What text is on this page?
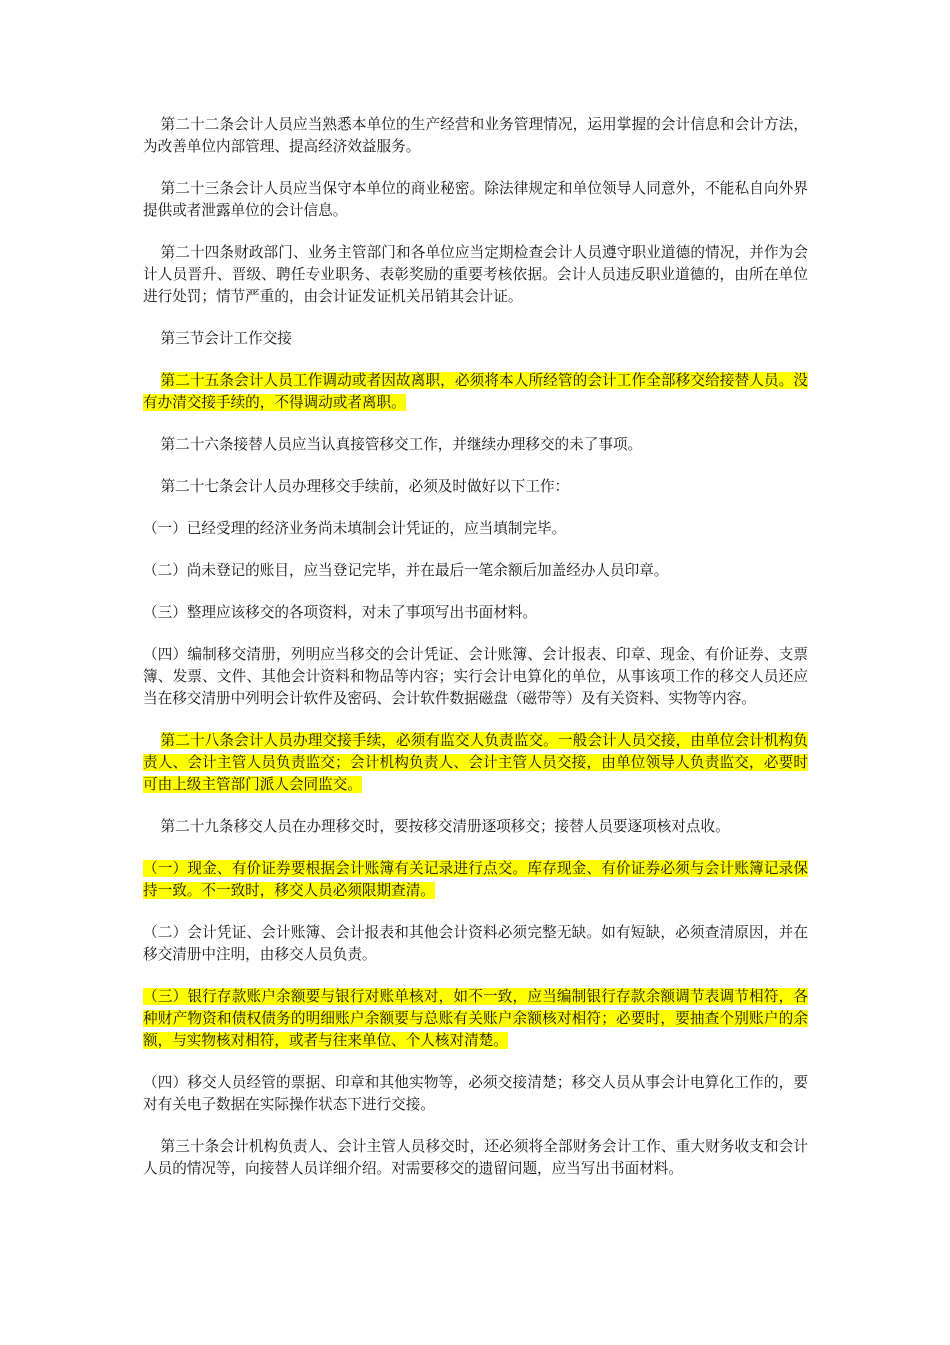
第二十二条会计人员应当熟悉本单位的生产经营和业务管理情况，运用掌握的会计信息和会计方法，为改善单位内部管理、提高经济效益服务。

第二十三条会计人员应当保守本单位的商业秘密。除法律规定和单位领导人同意外，不能私自向外界提供或者泄露单位的会计信息。

第二十四条财政部门、业务主管部门和各单位应当定期检查会计人员遵守职业道德的情况，并作为会计人员晋升、晋级、聘任专业职务、表彰奖励的重要考核依据。会计人员违反职业道德的，由所在单位进行处罚；情节严重的，由会计证发证机关吊销其会计证。

第三节会计工作交接

第二十五条会计人员工作调动或者因故离职，必须将本人所经管的会计工作全部移交给接替人员。没有办清交接手续的，不得调动或者离职。

第二十六条接替人员应当认真接管移交工作，并继续办理移交的未了事项。

第二十七条会计人员办理移交手续前，必须及时做好以下工作：

（一）已经受理的经济业务尚未填制会计凭证的，应当填制完毕。

（二）尚未登记的账目，应当登记完毕，并在最后一笔余额后加盖经办人员印章。

（三）整理应该移交的各项资料，对未了事项写出书面材料。

（四）编制移交清册，列明应当移交的会计凭证、会计账簿、会计报表、印章、现金、有价证券、支票簿、发票、文件、其他会计资料和物品等内容；实行会计电算化的单位，从事该项工作的移交人员还应当在移交清册中列明会计软件及密码、会计软件数据磁盘（磁带等）及有关资料、实物等内容。

第二十八条会计人员办理交接手续，必须有监交人负责监交。一般会计人员交接，由单位会计机构负责人、会计主管人员负责监交；会计机构负责人、会计主管人员交接，由单位领导人负责监交，必要时可由上级主管部门派人会同监交。

第二十九条移交人员在办理移交时，要按移交清册逐项移交；接替人员要逐项核对点收。

（一）现金、有价证券要根据会计账簿有关记录进行点交。库存现金、有价证券必须与会计账簿记录保持一致。不一致时，移交人员必须限期查清。

（二）会计凭证、会计账簿、会计报表和其他会计资料必须完整无缺。如有短缺，必须查清原因，并在移交清册中注明，由移交人员负责。

（三）银行存款账户余额要与银行对账单核对，如不一致，应当编制银行存款余额调节表调节相符，各种财产物资和债权债务的明细账户余额要与总账有关账户余额核对相符；必要时，要抽查个别账户的余额，与实物核对相符，或者与往来单位、个人核对清楚。

（四）移交人员经管的票据、印章和其他实物等，必须交接清楚；移交人员从事会计电算化工作的，要对有关电子数据在实际操作状态下进行交接。

第三十条会计机构负责人、会计主管人员移交时，还必须将全部财务会计工作、重大财务收支和会计人员的情况等，向接替人员详细介绍。对需要移交的遗留问题，应当写出书面材料。
